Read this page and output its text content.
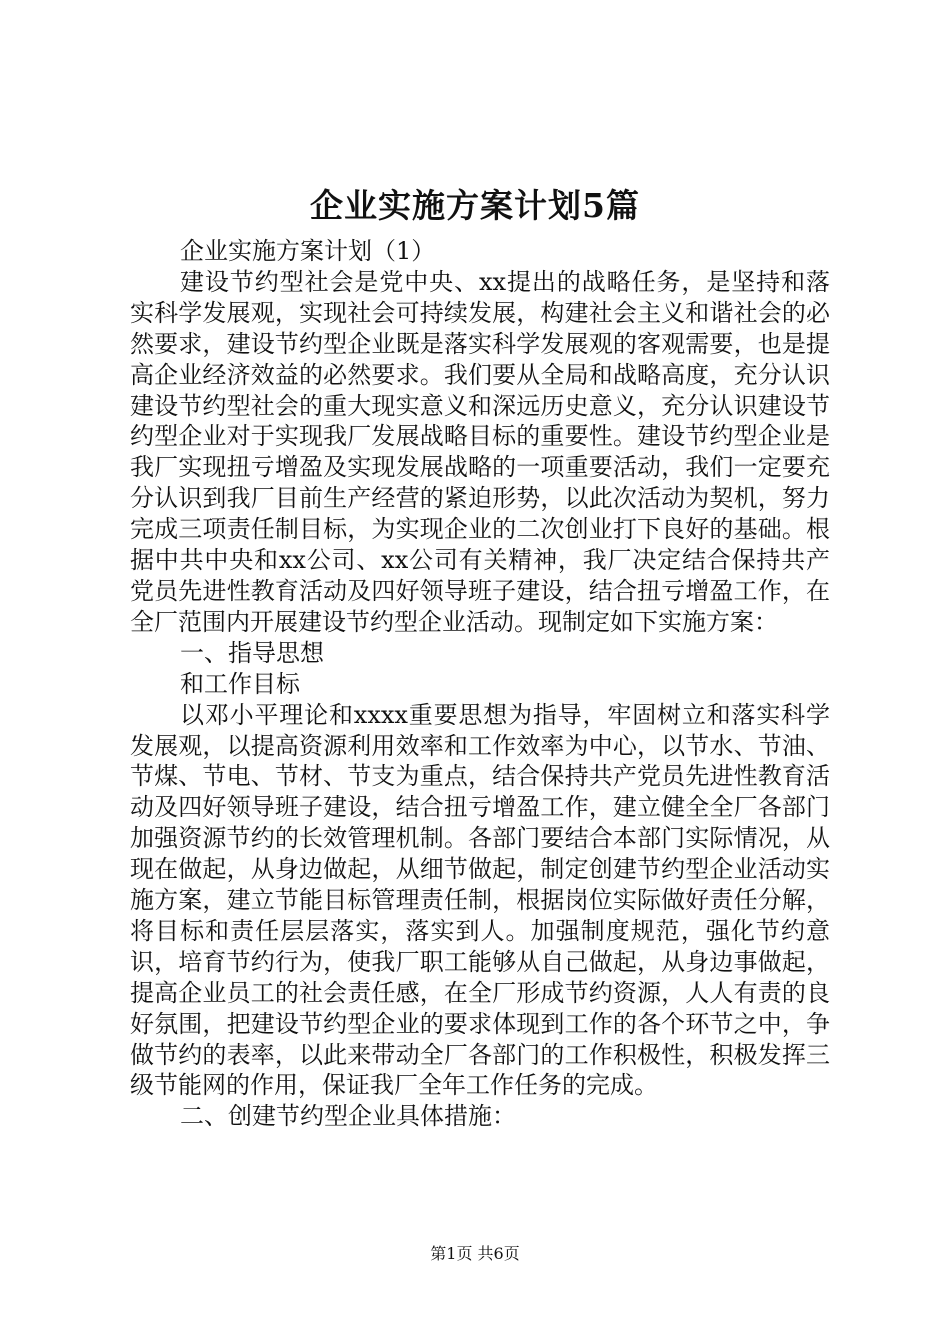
企业实施方案计划5篇

企业实施方案计划（1）

建设节约型社会是党中央、xx提出的战略任务，是坚持和落实科学发展观，实现社会可持续发展，构建社会主义和谐社会的必然要求，建设节约型企业既是落实科学发展观的客观需要，也是提高企业经济效益的必然要求。我们要从全局和战略高度，充分认识建设节约型社会的重大现实意义和深远历史意义，充分认识建设节约型企业对于实现我厂发展战略目标的重要性。建设节约型企业是我厂实现扭亏增盈及实现发展战略的一项重要活动，我们一定要充分认识到我厂目前生产经营的紧迫形势，以此次活动为契机，努力完成三项责任制目标，为实现企业的二次创业打下良好的基础。根据中共中央和xx公司、xx公司有关精神，我厂决定结合保持共产党员先进性教育活动及四好领导班子建设，结合扭亏增盈工作，在全厂范围内开展建设节约型企业活动。现制定如下实施方案：

一、指导思想

和工作目标

以邓小平理论和xxxx重要思想为指导，牢固树立和落实科学发展观，以提高资源利用效率和工作效率为中心，以节水、节油、节煤、节电、节材、节支为重点，结合保持共产党员先进性教育活动及四好领导班子建设，结合扭亏增盈工作，建立健全全厂各部门加强资源节约的长效管理机制。各部门要结合本部门实际情况，从现在做起，从身边做起，从细节做起，制定创建节约型企业活动实施方案，建立节能目标管理责任制，根据岗位实际做好责任分解，将目标和责任层层落实，落实到人。加强制度规范，强化节约意识，培育节约行为，使我厂职工能够从自己做起，从身边事做起，提高企业员工的社会责任感，在全厂形成节约资源，人人有责的良好氛围，把建设节约型企业的要求体现到工作的各个环节之中，争做节约的表率，以此来带动全厂各部门的工作积极性，积极发挥三级节能网的作用，保证我厂全年工作任务的完成。

二、创建节约型企业具体措施：

第1页 共6页
